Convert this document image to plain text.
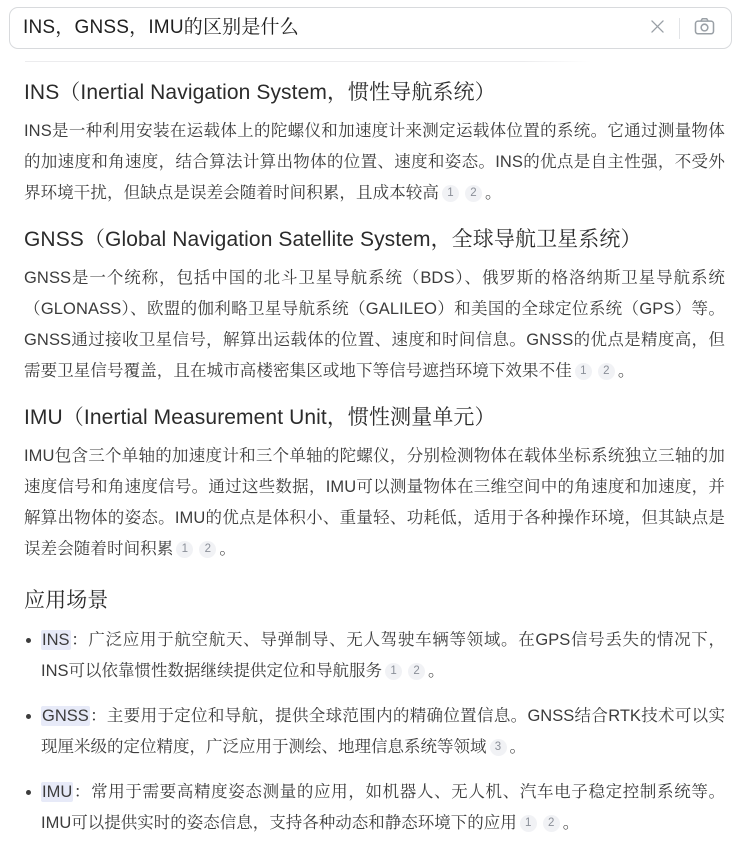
INS，GNSS，IMU的区别是什么
INS（Inertial Navigation System，惯性导航系统）

INS是一种利用安装在运载体上的陀螺仪和加速度计来测定运载体位置的系统。它通过测量物体的加速度和角速度，结合算法计算出物体的位置、速度和姿态。INS的优点是自主性强，不受外界环境干扰，但缺点是误差会随着时间积累，且成本较高 1 2 。

GNSS（Global Navigation Satellite System，全球导航卫星系统）

GNSS是一个统称，包括中国的北斗卫星导航系统（BDS）、俄罗斯的格洛纳斯卫星导航系统（GLONASS）、欧盟的伽利略卫星导航系统（GALILEO）和美国的全球定位系统（GPS）等。GNSS通过接收卫星信号，解算出运载体的位置、速度和时间信息。GNSS的优点是精度高，但需要卫星信号覆盖，且在城市高楼密集区或地下等信号遮挡环境下效果不佳 1 2 。

IMU（Inertial Measurement Unit，惯性测量单元）

IMU包含三个单轴的加速度计和三个单轴的陀螺仪，分别检测物体在载体坐标系统独立三轴的加速度信号和角速度信号。通过这些数据，IMU可以测量物体在三维空间中的角速度和加速度，并解算出物体的姿态。IMU的优点是体积小、重量轻、功耗低，适用于各种操作环境，但其缺点是误差会随着时间积累 1 2 。

应用场景
INS：广泛应用于航空航天、导弹制导、无人驾驶车辆等领域。在GPS信号丢失的情况下，INS可以依靠惯性数据继续提供定位和导航服务 1 2 。
GNSS：主要用于定位和导航，提供全球范围内的精确位置信息。GNSS结合RTK技术可以实现厘米级的定位精度，广泛应用于测绘、地理信息系统等领域 3 。
IMU：常用于需要高精度姿态测量的应用，如机器人、无人机、汽车电子稳定控制系统等。IMU可以提供实时的姿态信息，支持各种动态和静态环境下的应用 1 2 。
